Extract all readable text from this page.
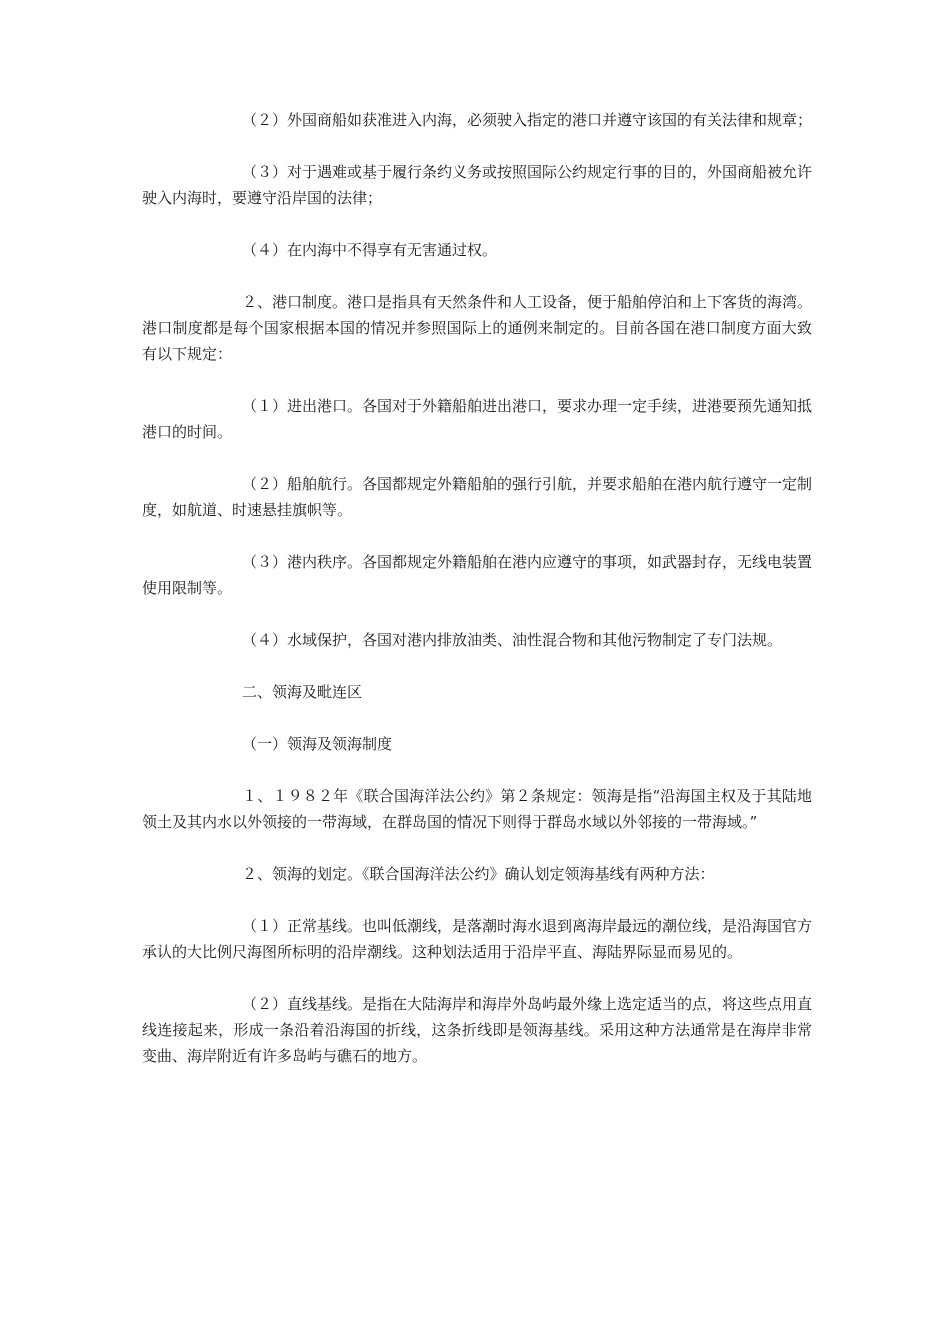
（２）外国商船如获准进入内海，必须驶入指定的港口并遵守该国的有关法律和规章；

（３）对于遇难或基于履行条约义务或按照国际公约规定行事的目的，外国商船被允许驶入内海时，要遵守沿岸国的法律；

（４）在内海中不得享有无害通过权。

２、港口制度。港口是指具有天然条件和人工设备，便于船舶停泊和上下客货的海湾。港口制度都是每个国家根据本国的情况并参照国际上的通例来制定的。目前各国在港口制度方面大致有以下规定：

（１）进出港口。各国对于外籍船舶进出港口，要求办理一定手续，进港要预先通知抵港口的时间。

（２）船舶航行。各国都规定外籍船舶的强行引航，并要求船舶在港内航行遵守一定制度，如航道、时速悬挂旗帜等。

（３）港内秩序。各国都规定外籍船舶在港内应遵守的事项，如武器封存，无线电装置使用限制等。

（４）水域保护，各国对港内排放油类、油性混合物和其他污物制定了专门法规。

二、领海及毗连区

（一）领海及领海制度

１、１９８２年《联合国海洋法公约》第２条规定：领海是指“沿海国主权及于其陆地领土及其内水以外领接的一带海域，在群岛国的情况下则得于群岛水域以外邻接的一带海域。”

２、领海的划定。《联合国海洋法公约》确认划定领海基线有两种方法：

（１）正常基线。也叫低潮线，是落潮时海水退到离海岸最远的潮位线，是沿海国官方承认的大比例尺海图所标明的沿岸潮线。这种划法适用于沿岸平直、海陆界际显而易见的。

（２）直线基线。是指在大陆海岸和海岸外岛屿最外缘上选定适当的点，将这些点用直线连接起来，形成一条沿着沿海国的折线，这条折线即是领海基线。采用这种方法通常是在海岸非常变曲、海岸附近有许多岛屿与礁石的地方。
